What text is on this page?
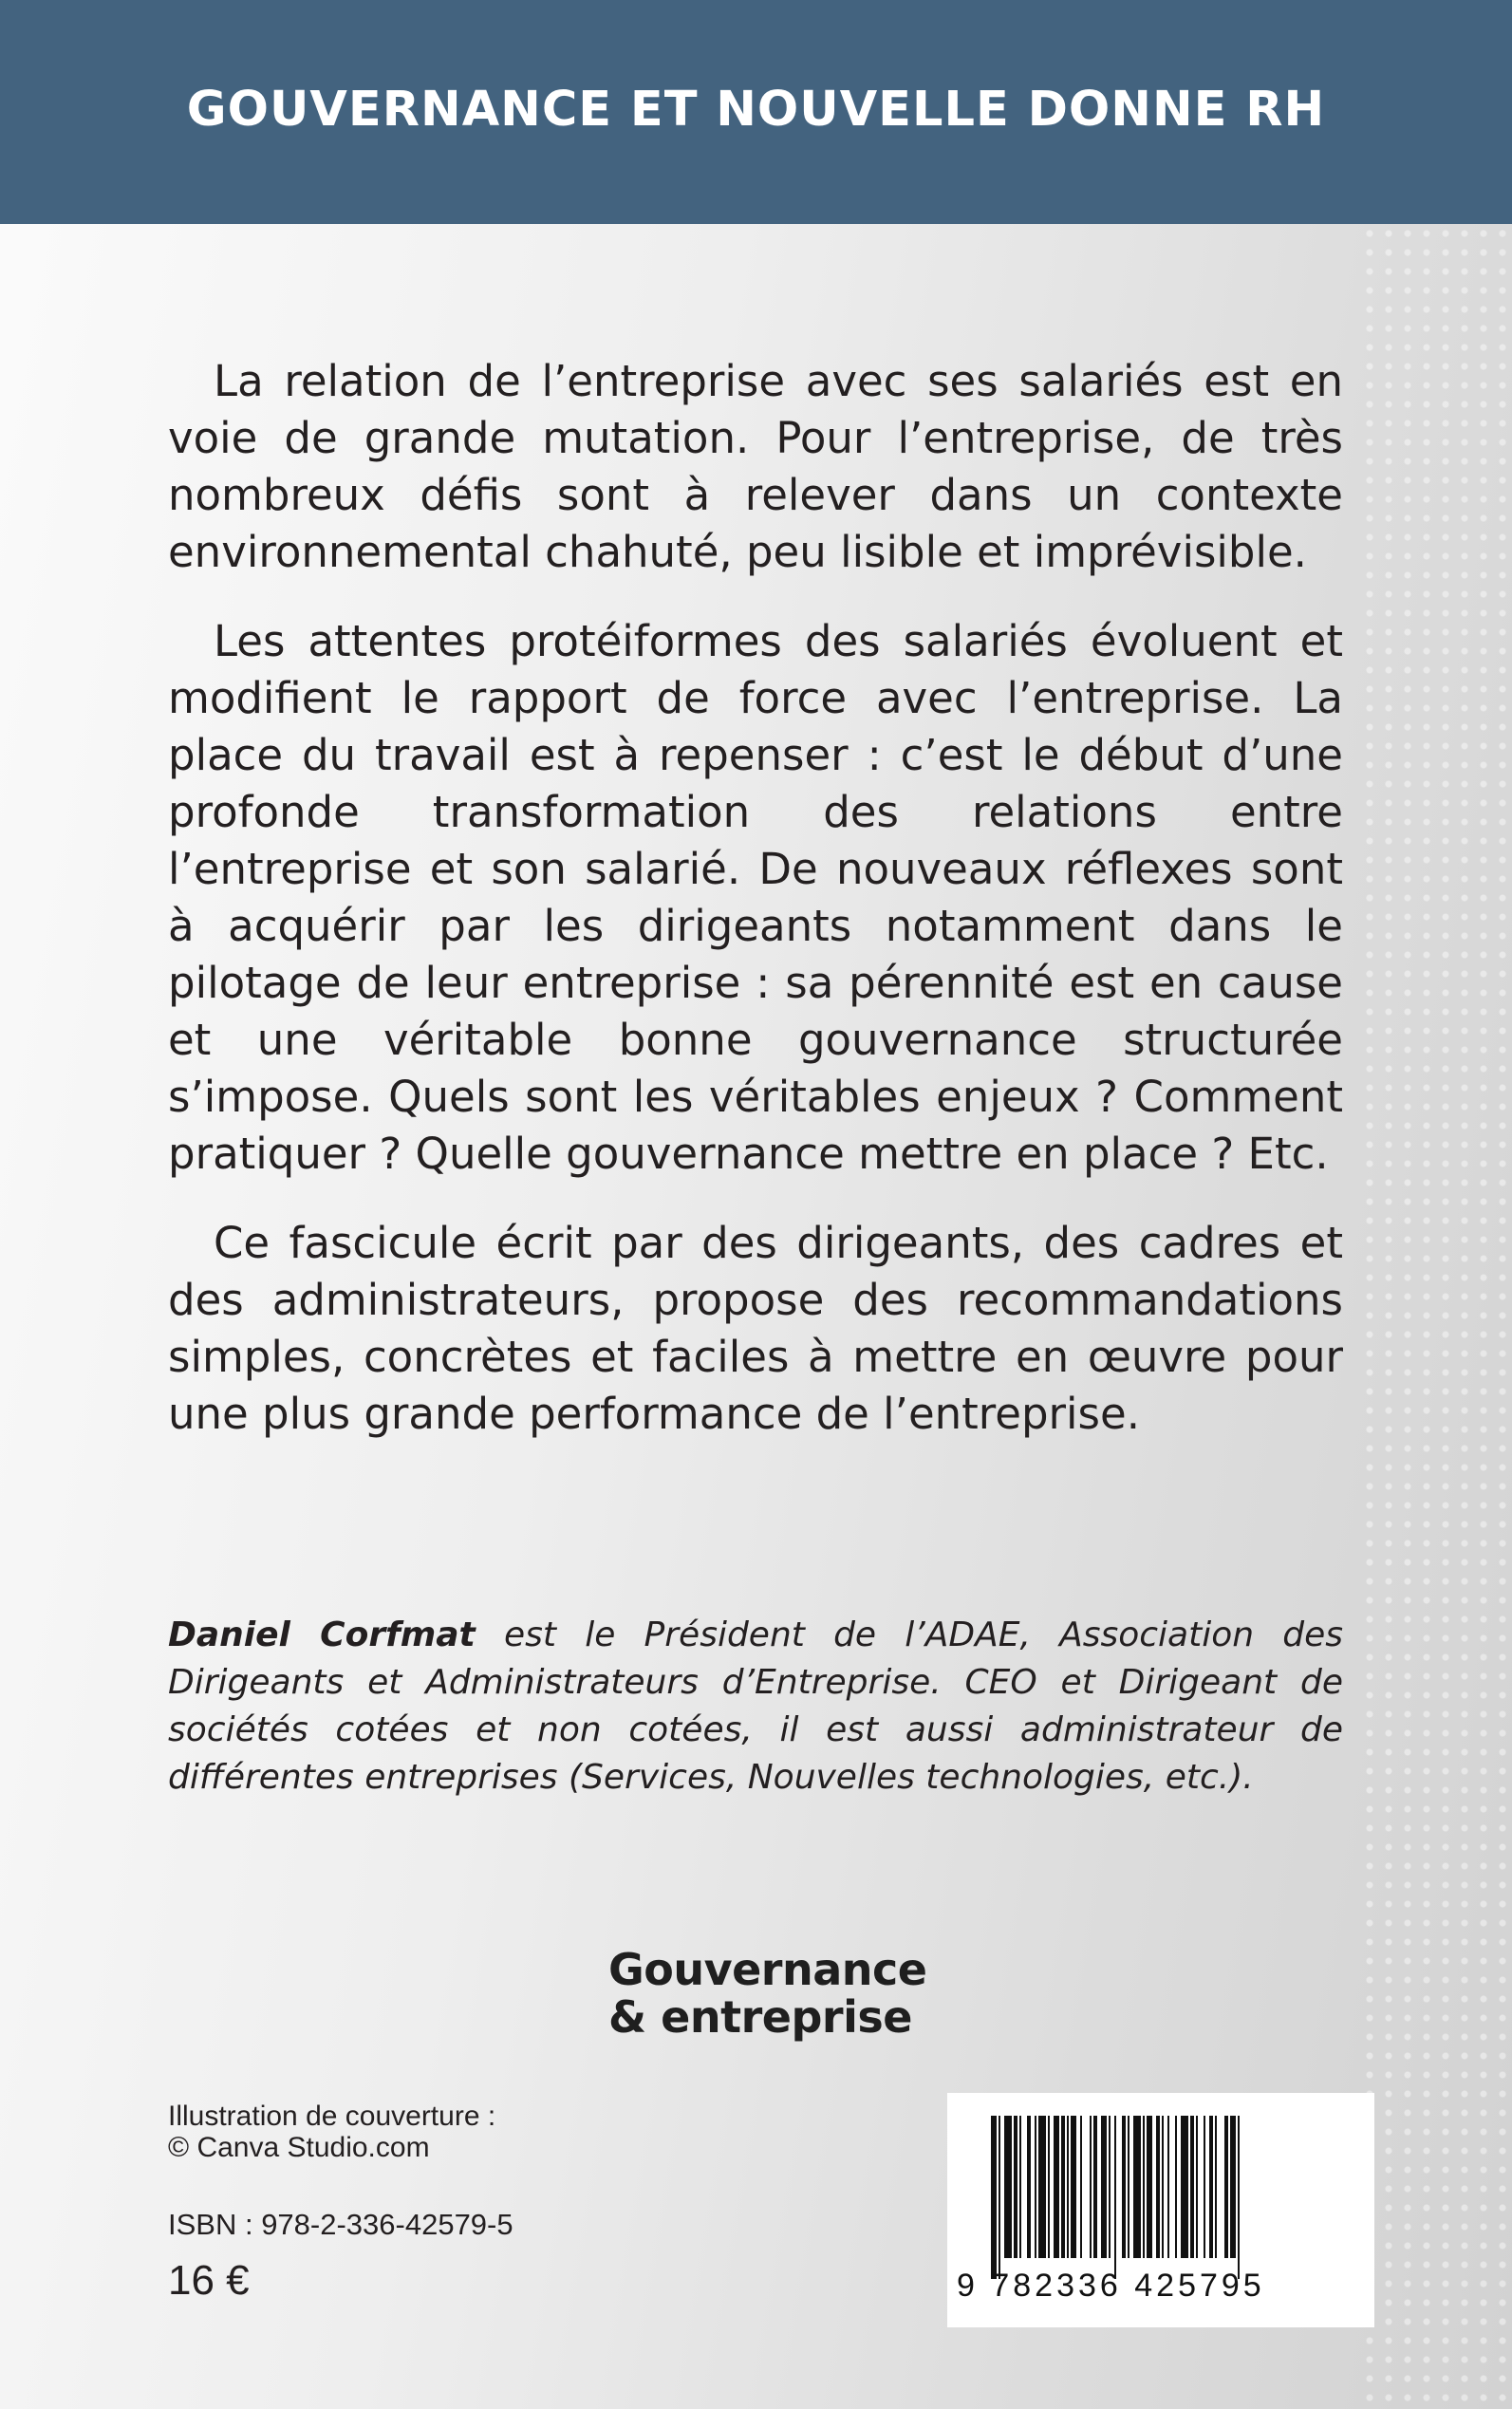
GOUVERNANCE ET NOUVELLE DONNE RH

La relation de l’entreprise avec ses salariés est en voie de grande mutation. Pour l’entreprise, de très nombreux défis sont à relever dans un contexte environnemental chahuté, peu lisible et imprévisible.

Les attentes protéiformes des salariés évoluent et modifient le rapport de force avec l’entreprise. La place du travail est à repenser : c’est le début d’une profonde transformation des relations entre l’entreprise et son salarié. De nouveaux réflexes sont à acquérir par les dirigeants notamment dans le pilotage de leur entreprise : sa pérennité est en cause et une véritable bonne gouvernance structurée s’impose. Quels sont les véritables enjeux ? Comment pratiquer ? Quelle gouvernance mettre en place ? Etc.

Ce fascicule écrit par des dirigeants, des cadres et des administrateurs, propose des recommandations simples, concrètes et faciles à mettre en œuvre pour une plus grande performance de l’entreprise.

Daniel Corfmat est le Président de l’ADAE, Association des Dirigeants et Administrateurs d’Entreprise. CEO et Dirigeant de sociétés cotées et non cotées, il est aussi administrateur de différentes entreprises (Services, Nouvelles technologies, etc.).

Gouvernance
& entreprise
Illustration de couverture :
© Canva Studio.com
ISBN : 978-2-336-42579-5
16 €	9 782336 425795
